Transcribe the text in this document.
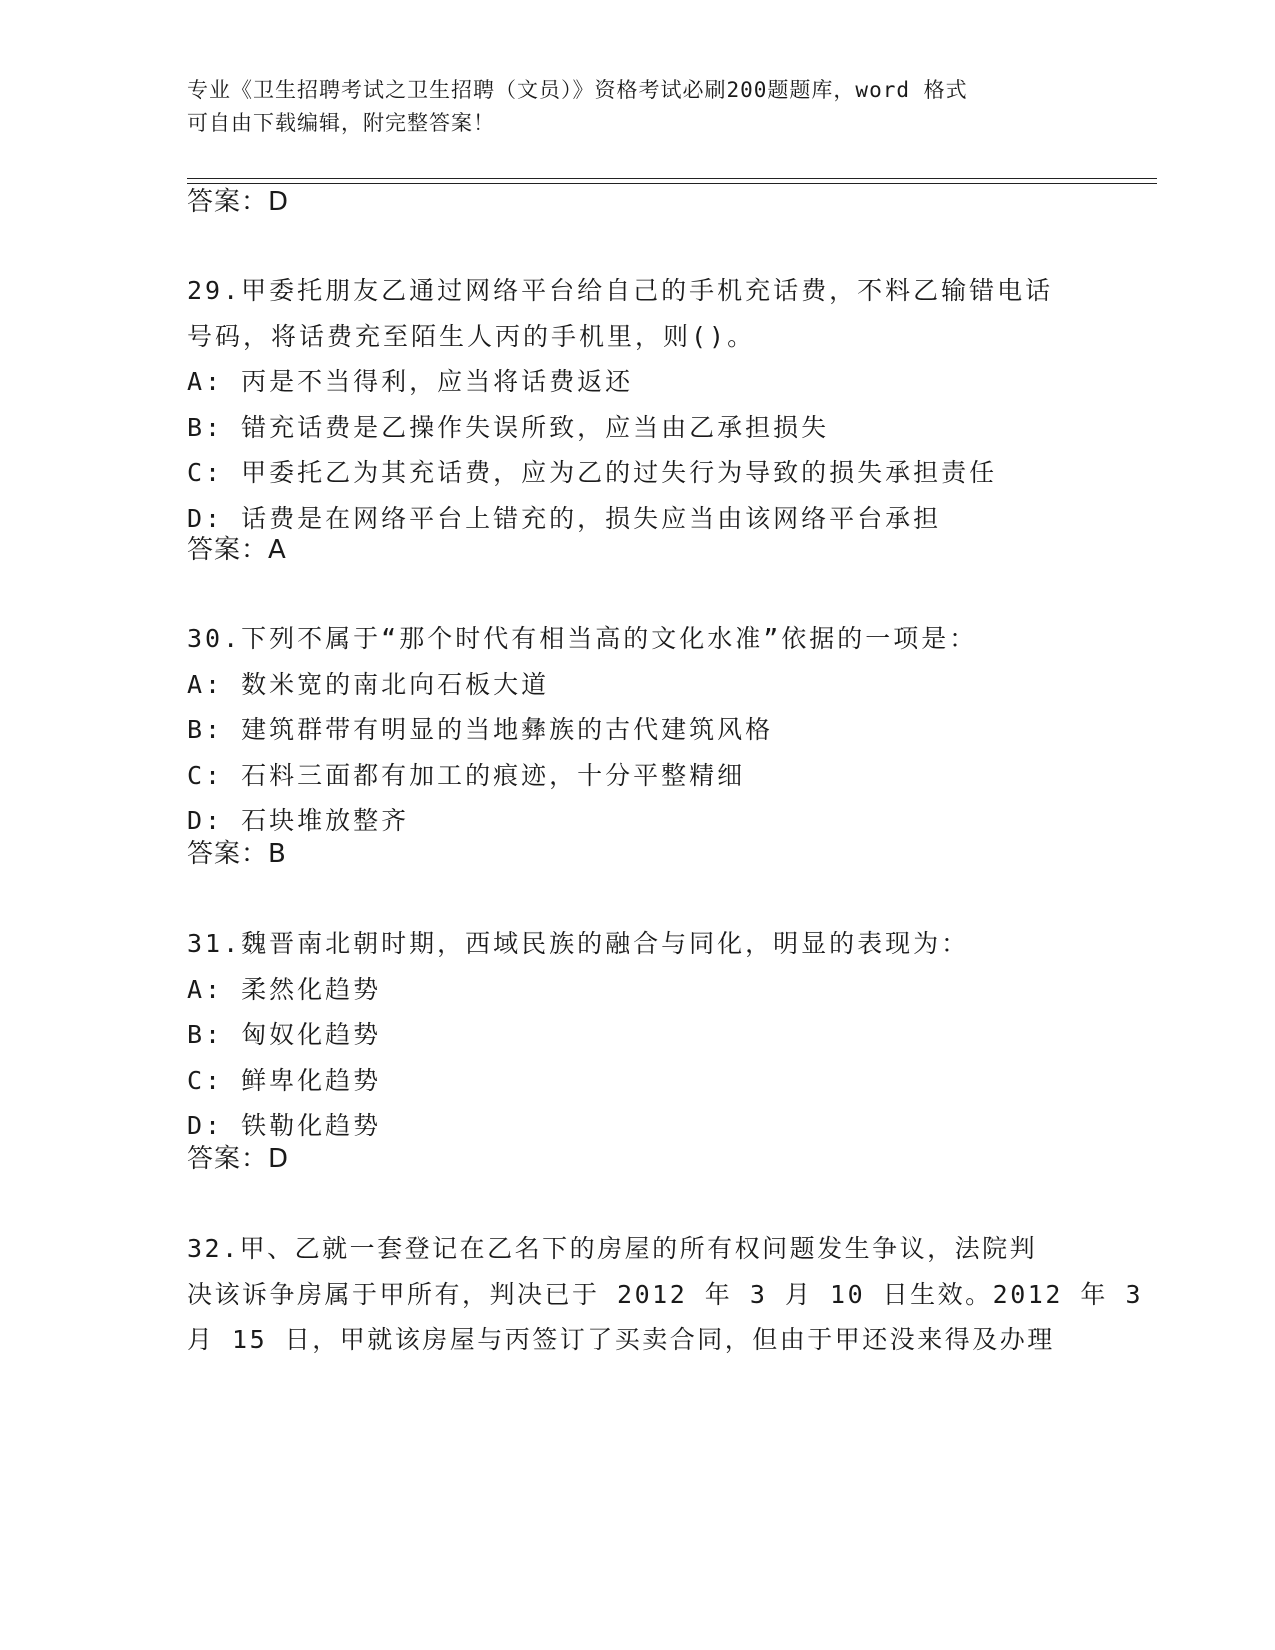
专业《卫生招聘考试之卫生招聘（文员）》资格考试必刷200题题库，word 格式
可自由下载编辑，附完整答案！
答案：D
29.甲委托朋友乙通过网络平台给自己的手机充话费，不料乙输错电话
号码，将话费充至陌生人丙的手机里，则()。
A: 丙是不当得利，应当将话费返还
B: 错充话费是乙操作失误所致，应当由乙承担损失
C: 甲委托乙为其充话费，应为乙的过失行为导致的损失承担责任
D: 话费是在网络平台上错充的，损失应当由该网络平台承担
答案：A
30.下列不属于“那个时代有相当高的文化水准”依据的一项是：
A: 数米宽的南北向石板大道
B: 建筑群带有明显的当地彝族的古代建筑风格
C: 石料三面都有加工的痕迹，十分平整精细
D: 石块堆放整齐
答案：B
31.魏晋南北朝时期，西域民族的融合与同化，明显的表现为：
A: 柔然化趋势
B: 匈奴化趋势
C: 鲜卑化趋势
D: 铁勒化趋势
答案：D
32.甲、乙就一套登记在乙名下的房屋的所有权问题发生争议，法院判
决该诉争房属于甲所有，判决已于 2012 年 3 月 10 日生效。2012 年 3
月 15 日，甲就该房屋与丙签订了买卖合同，但由于甲还没来得及办理
